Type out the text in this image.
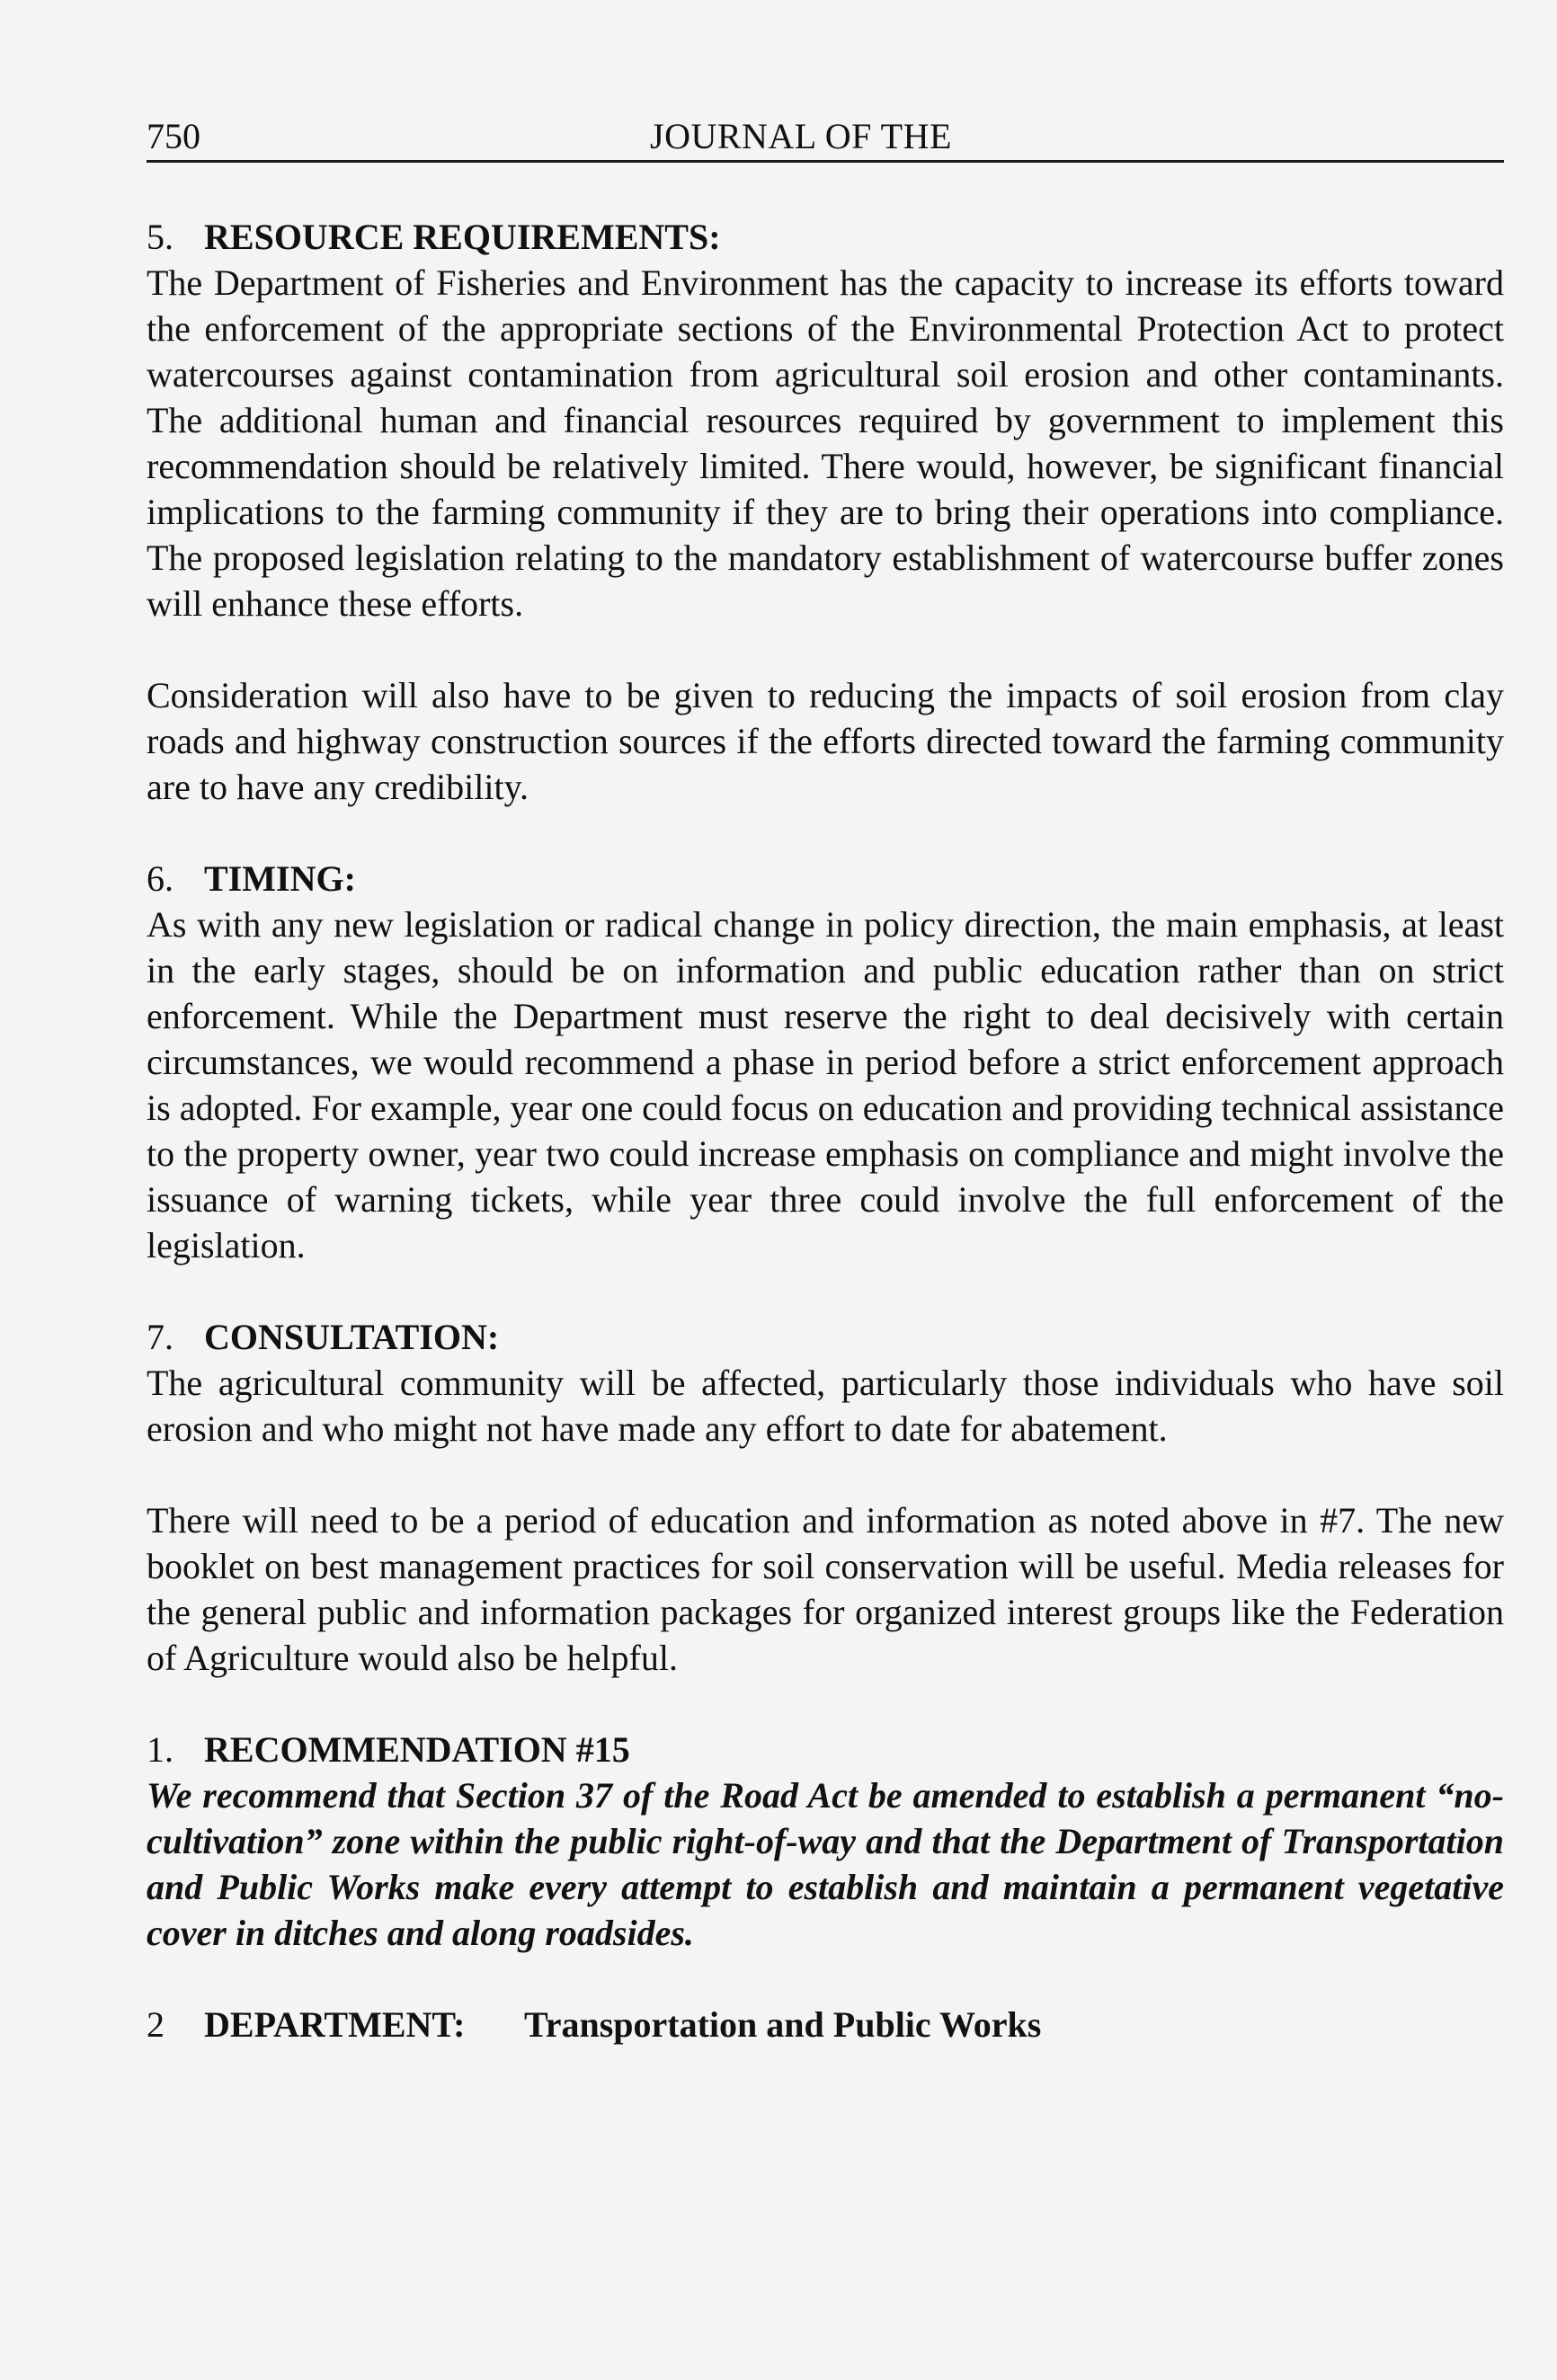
750	JOURNAL OF THE

5. RESOURCE REQUIREMENTS:

The Department of Fisheries and Environment has the capacity to increase its efforts toward the enforcement of the appropriate sections of the Environmental Protection Act to protect watercourses against contamination from agricultural soil erosion and other contaminants. The additional human and financial resources required by government to implement this recommendation should be relatively limited. There would, however, be significant financial implications to the farming community if they are to bring their operations into compliance. The proposed legislation relating to the mandatory establishment of watercourse buffer zones will enhance these efforts.

Consideration will also have to be given to reducing the impacts of soil erosion from clay roads and highway construction sources if the efforts directed toward the farming community are to have any credibility.

6. TIMING:

As with any new legislation or radical change in policy direction, the main emphasis, at least in the early stages, should be on information and public education rather than on strict enforcement. While the Department must reserve the right to deal decisively with certain circumstances, we would recommend a phase in period before a strict enforcement approach is adopted. For example, year one could focus on education and providing technical assistance to the property owner, year two could increase emphasis on compliance and might involve the issuance of warning tickets, while year three could involve the full enforcement of the legislation.

7. CONSULTATION:

The agricultural community will be affected, particularly those individuals who have soil erosion and who might not have made any effort to date for abatement.

There will need to be a period of education and information as noted above in #7. The new booklet on best management practices for soil conservation will be useful. Media releases for the general public and information packages for organized interest groups like the Federation of Agriculture would also be helpful.

1. RECOMMENDATION #15

We recommend that Section 37 of the Road Act be amended to establish a permanent “no-cultivation” zone within the public right-of-way and that the Department of Transportation and Public Works make every attempt to establish and maintain a permanent vegetative cover in ditches and along roadsides.

2 DEPARTMENT: Transportation and Public Works
